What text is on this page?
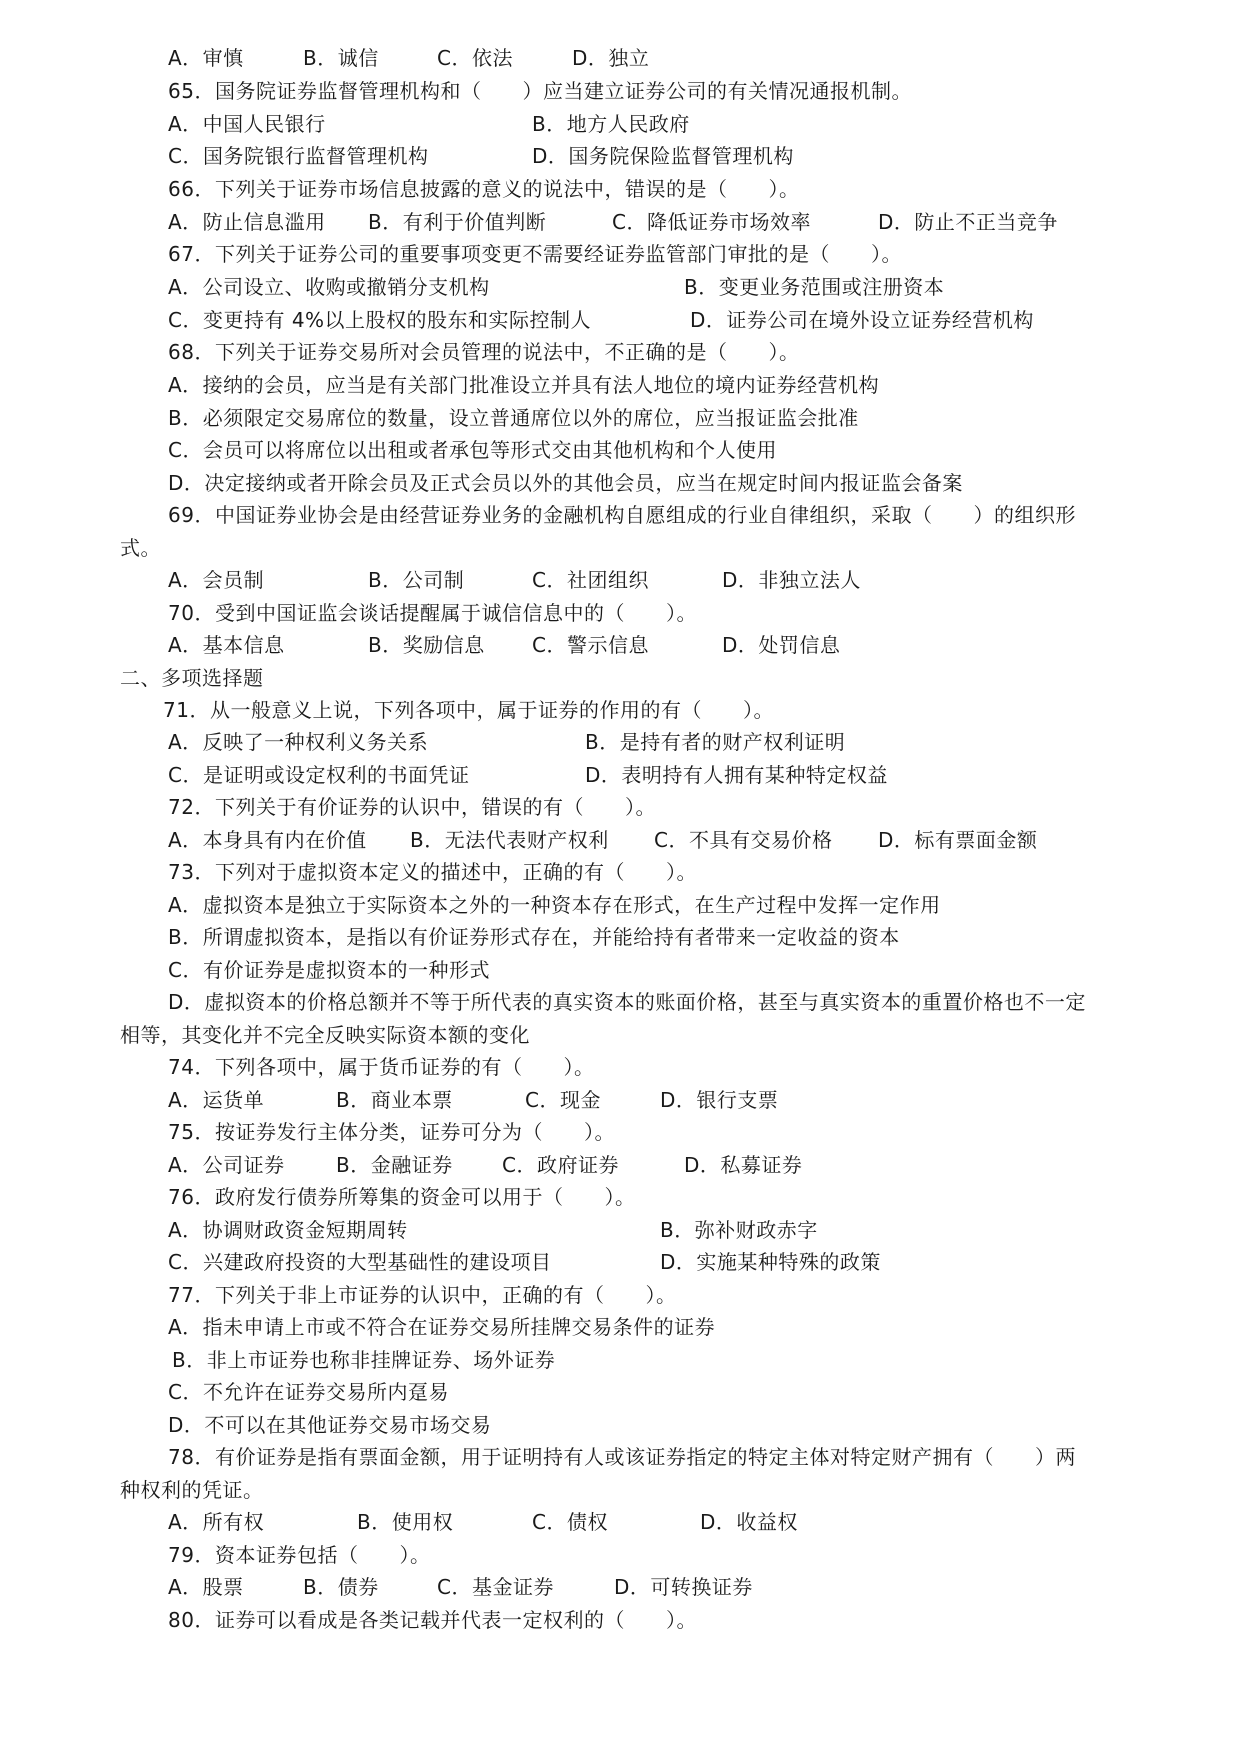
A．审慎	B．诚信	C．依法	D．独立
65．国务院证券监督管理机构和（　　）应当建立证券公司的有关情况通报机制。
A．中国人民银行	B．地方人民政府
C．国务院银行监督管理机构	D．国务院保险监督管理机构
66．下列关于证券市场信息披露的意义的说法中，错误的是（　　）。
A．防止信息滥用 B．有利于价值判断	C．降低证券市场效率	D．防止不正当竞争
67．下列关于证券公司的重要事项变更不需要经证券监管部门审批的是（　　）。
A．公司设立、收购或撤销分支机构	B．变更业务范围或注册资本
C．变更持有 4%以上股权的股东和实际控制人	D．证券公司在境外设立证券经营机构
68．下列关于证券交易所对会员管理的说法中，不正确的是（　　）。
A．接纳的会员，应当是有关部门批准设立并具有法人地位的境内证券经营机构
B．必须限定交易席位的数量，设立普通席位以外的席位，应当报证监会批准
C．会员可以将席位以出租或者承包等形式交由其他机构和个人使用
D．决定接纳或者开除会员及正式会员以外的其他会员，应当在规定时间内报证监会备案
69．中国证券业协会是由经营证券业务的金融机构自愿组成的行业自律组织，采取（　　）的组织形
式。
A．会员制	B．公司制	C．社团组织	D．非独立法人
70．受到中国证监会谈话提醒属于诚信信息中的（　　）。
A．基本信息	B．奖励信息 C．警示信息	D．处罚信息
二、多项选择题
71．从一般意义上说，下列各项中，属于证券的作用的有（　　）。
A．反映了一种权利义务关系	B．是持有者的财产权利证明
C．是证明或设定权利的书面凭证	D．表明持有人拥有某种特定权益
72．下列关于有价证券的认识中，错误的有（　　）。
A．本身具有内在价值 B．无法代表财产权利 C．不具有交易价格 D．标有票面金额
73．下列对于虚拟资本定义的描述中，正确的有（　　）。
A．虚拟资本是独立于实际资本之外的一种资本存在形式，在生产过程中发挥一定作用
B．所谓虚拟资本，是指以有价证券形式存在，并能给持有者带来一定收益的资本
C．有价证券是虚拟资本的一种形式
D．虚拟资本的价格总额并不等于所代表的真实资本的账面价格，甚至与真实资本的重置价格也不一定
相等，其变化并不完全反映实际资本额的变化
74．下列各项中，属于货币证券的有（　　）。
A．运货单	B．商业本票	C．现金	D．银行支票
75．按证券发行主体分类，证券可分为（　　）。
A．公司证券	B．金融证券 C．政府证券	D．私募证券
76．政府发行债券所筹集的资金可以用于（　　）。
A．协调财政资金短期周转	B．弥补财政赤字
C．兴建政府投资的大型基础性的建设项目	D．实施某种特殊的政策
77．下列关于非上市证券的认识中，正确的有（　　）。
A．指未申请上市或不符合在证券交易所挂牌交易条件的证券
B．非上市证券也称非挂牌证券、场外证券
C．不允许在证券交易所内趸易
D．不可以在其他证券交易市场交易
78．有价证券是指有票面金额，用于证明持有人或该证券指定的特定主体对特定财产拥有（　　）两
种权利的凭证。
A．所有权	B．使用权	C．债权	D．收益权
79．资本证券包括（　　）。
A．股票	B．债券	C．基金证券	D．可转换证券
80．证券可以看成是各类记载并代表一定权利的（　　）。
